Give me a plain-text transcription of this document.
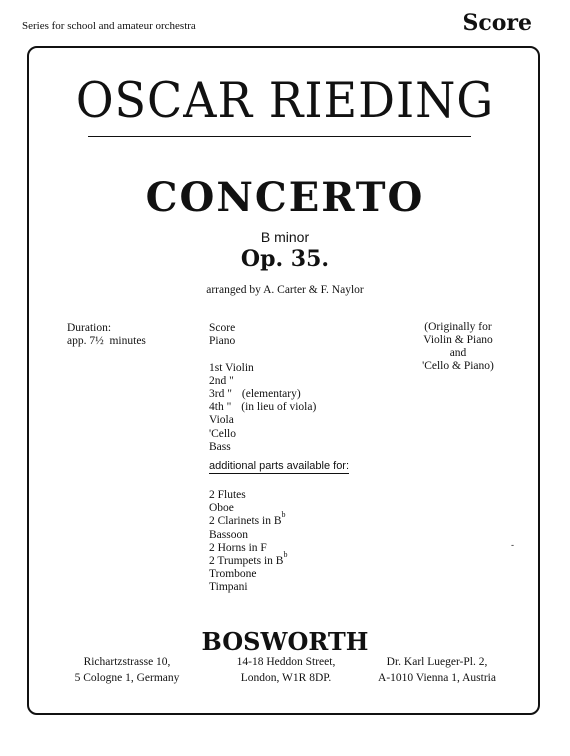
Series for school and amateur orchestra	Score
OSCAR RIEDING
CONCERTO
B minor
Op. 35.
arranged by A. Carter & F. Naylor
Duration:
app. 7½ minutes
(Originally for
Violin & Piano
and
'Cello & Piano)
Score
Piano

1st Violin
2nd "
3rd " (elementary)
4th " (in lieu of viola)
Viola
'Cello
Bass
additional parts available for:
2 Flutes
Oboe
2 Clarinets in $B^b$
Bassoon
2 Horns in F
2 Trumpets in $B^b$
Trombone
Timpani
-
BOSWORTH
Richartzstrasse 10,
5 Cologne 1, Germany
14-18 Heddon Street,
London, W1R 8DP.
Dr. Karl Lueger-Pl. 2,
A-1010 Vienna 1, Austria
